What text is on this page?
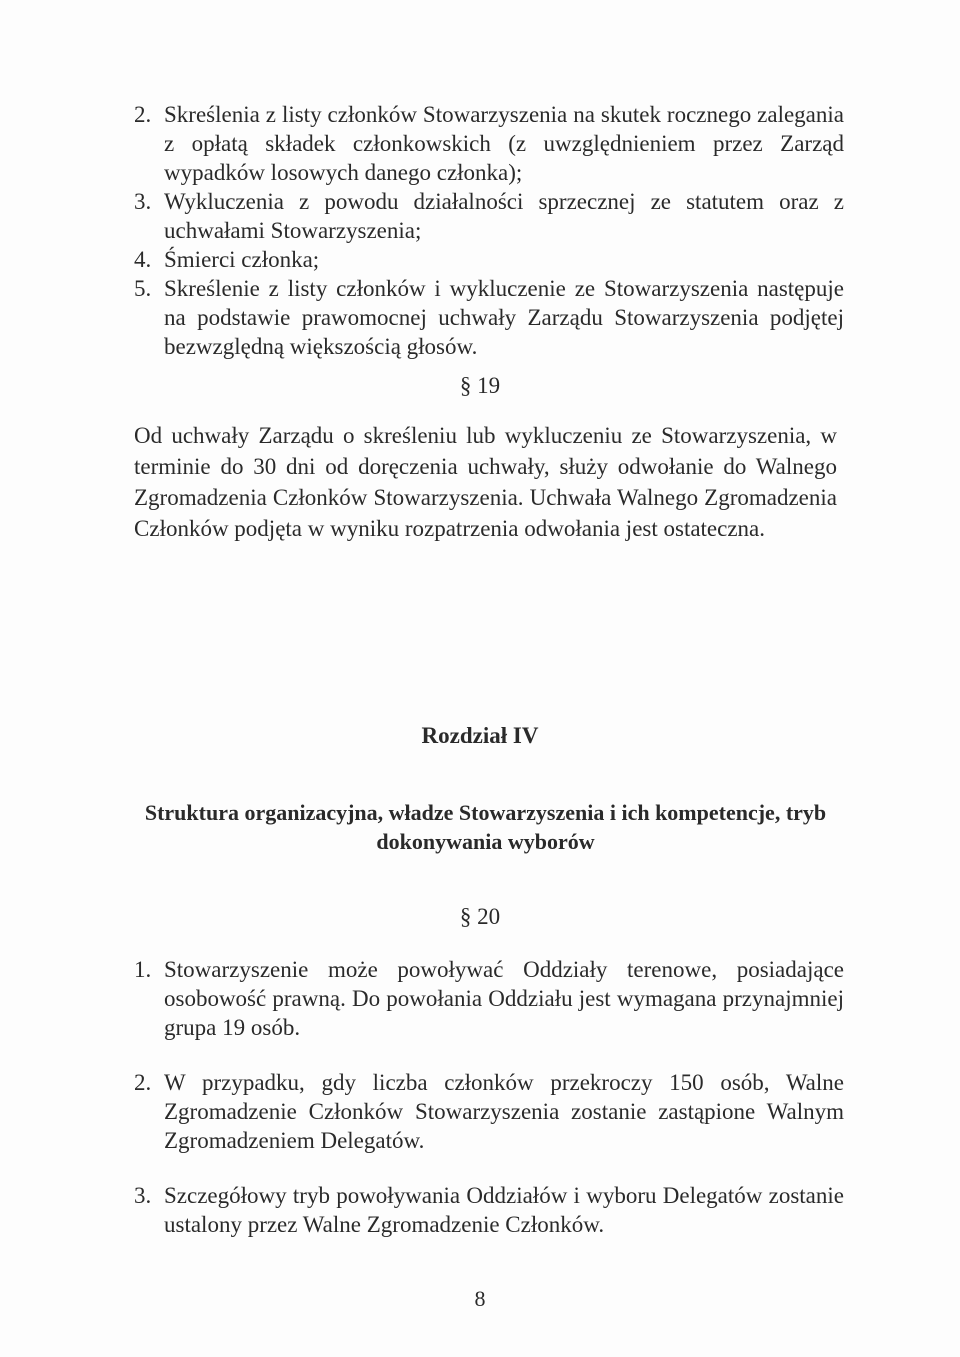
2. Skreślenia z listy członków Stowarzyszenia na skutek rocznego zalegania z opłatą składek członkowskich (z uwzględnieniem przez Zarząd wypadków losowych danego członka);
3. Wykluczenia z powodu działalności sprzecznej ze statutem oraz z uchwałami Stowarzyszenia;
4. Śmierci członka;
5. Skreślenie z listy członków i wykluczenie ze Stowarzyszenia następuje na podstawie prawomocnej uchwały Zarządu Stowarzyszenia podjętej bezwzględną większością głosów.
§ 19

Od uchwały Zarządu o skreśleniu lub wykluczeniu ze Stowarzyszenia, w terminie do 30 dni od doręczenia uchwały, służy odwołanie do Walnego Zgromadzenia Członków Stowarzyszenia. Uchwała Walnego Zgromadzenia Członków podjęta w wyniku rozpatrzenia odwołania jest ostateczna.

Rozdział IV

Struktura organizacyjna, władze Stowarzyszenia i ich kompetencje, tryb dokonywania wyborów

§ 20
1. Stowarzyszenie może powoływać Oddziały terenowe, posiadające osobowość prawną. Do powołania Oddziału jest wymagana przynajmniej grupa 19 osób.
2. W przypadku, gdy liczba członków przekroczy 150 osób, Walne Zgromadzenie Członków Stowarzyszenia zostanie zastąpione Walnym Zgromadzeniem Delegatów.
3. Szczegółowy tryb powoływania Oddziałów i wyboru Delegatów zostanie ustalony przez Walne Zgromadzenie Członków.
8
